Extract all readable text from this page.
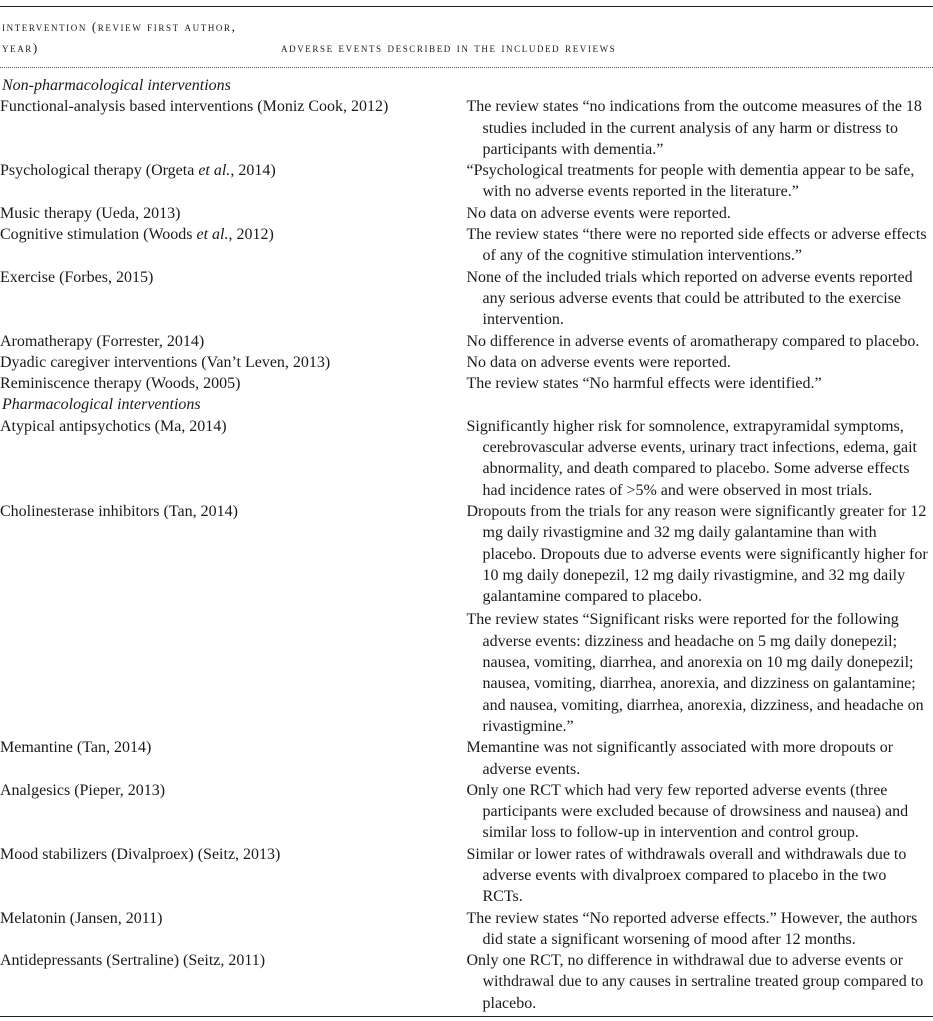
intervention (review first author, year)	adverse events described in the included reviews
Non-pharmacological interventions	

Functional-analysis based interventions (Moniz Cook, 2012)	The review states “no indications from the outcome measures of the 18 studies included in the current analysis of any harm or distress to participants with dementia.”

Psychological therapy (Orgeta et al., 2014)	“Psychological treatments for people with dementia appear to be safe, with no adverse events reported in the literature.”

Music therapy (Ueda, 2013)	No data on adverse events were reported.

Cognitive stimulation (Woods et al., 2012)	The review states “there were no reported side effects or adverse effects of any of the cognitive stimulation interventions.”

Exercise (Forbes, 2015)	None of the included trials which reported on adverse events reported any serious adverse events that could be attributed to the exercise intervention.

Aromatherapy (Forrester, 2014)	No difference in adverse events of aromatherapy compared to placebo.

Dyadic caregiver interventions (Van’t Leven, 2013)	No data on adverse events were reported.

Reminiscence therapy (Woods, 2005)	The review states “No harmful effects were identified.”

Pharmacological interventions	

Atypical antipsychotics (Ma, 2014)	Significantly higher risk for somnolence, extrapyramidal symptoms, cerebrovascular adverse events, urinary tract infections, edema, gait abnormality, and death compared to placebo. Some adverse effects had incidence rates of >5% and were observed in most trials.

Cholinesterase inhibitors (Tan, 2014)	Dropouts from the trials for any reason were significantly greater for 12 mg daily rivastigmine and 32 mg daily galantamine than with placebo. Dropouts due to adverse events were significantly higher for 10 mg daily donepezil, 12 mg daily rivastigmine, and 32 mg daily galantamine compared to placebo.
The review states “Significant risks were reported for the following adverse events: dizziness and headache on 5 mg daily donepezil; nausea, vomiting, diarrhea, and anorexia on 10 mg daily donepezil; nausea, vomiting, diarrhea, anorexia, and dizziness on galantamine; and nausea, vomiting, diarrhea, anorexia, dizziness, and headache on rivastigmine.”

Memantine (Tan, 2014)	Memantine was not significantly associated with more dropouts or adverse events.

Analgesics (Pieper, 2013)	Only one RCT which had very few reported adverse events (three participants were excluded because of drowsiness and nausea) and similar loss to follow-up in intervention and control group.

Mood stabilizers (Divalproex) (Seitz, 2013)	Similar or lower rates of withdrawals overall and withdrawals due to adverse events with divalproex compared to placebo in the two RCTs.

Melatonin (Jansen, 2011)	The review states “No reported adverse effects.” However, the authors did state a significant worsening of mood after 12 months.

Antidepressants (Sertraline) (Seitz, 2011)	Only one RCT, no difference in withdrawal due to adverse events or withdrawal due to any causes in sertraline treated group compared to placebo.
